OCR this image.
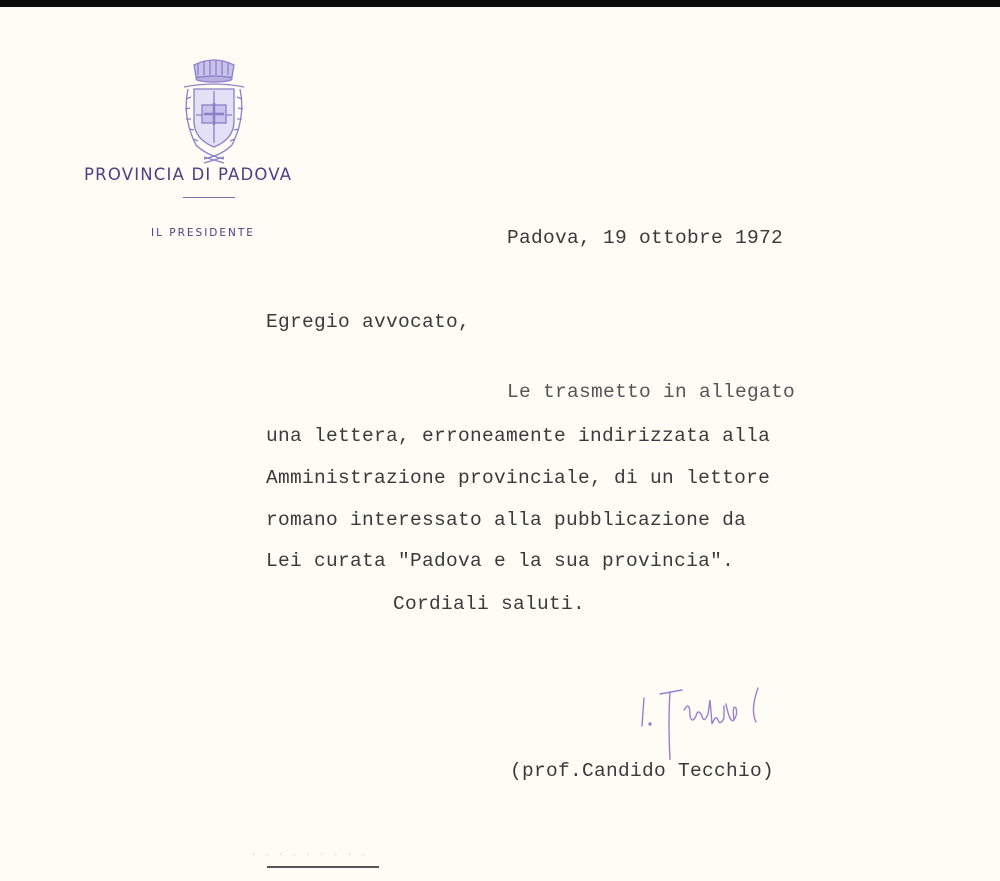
PROVINCIA DI PADOVA
IL PRESIDENTE	Padova, 19 ottobre 1972
Egregio avvocato,
Le trasmetto in allegato
una lettera, erroneamente indirizzata alla
Amministrazione provinciale, di un lettore
romano interessato alla pubblicazione da
Lei curata "Padova e la sua provincia".
Cordiali saluti.
(prof.Candido Tecchio)
. . . . . . . . .
